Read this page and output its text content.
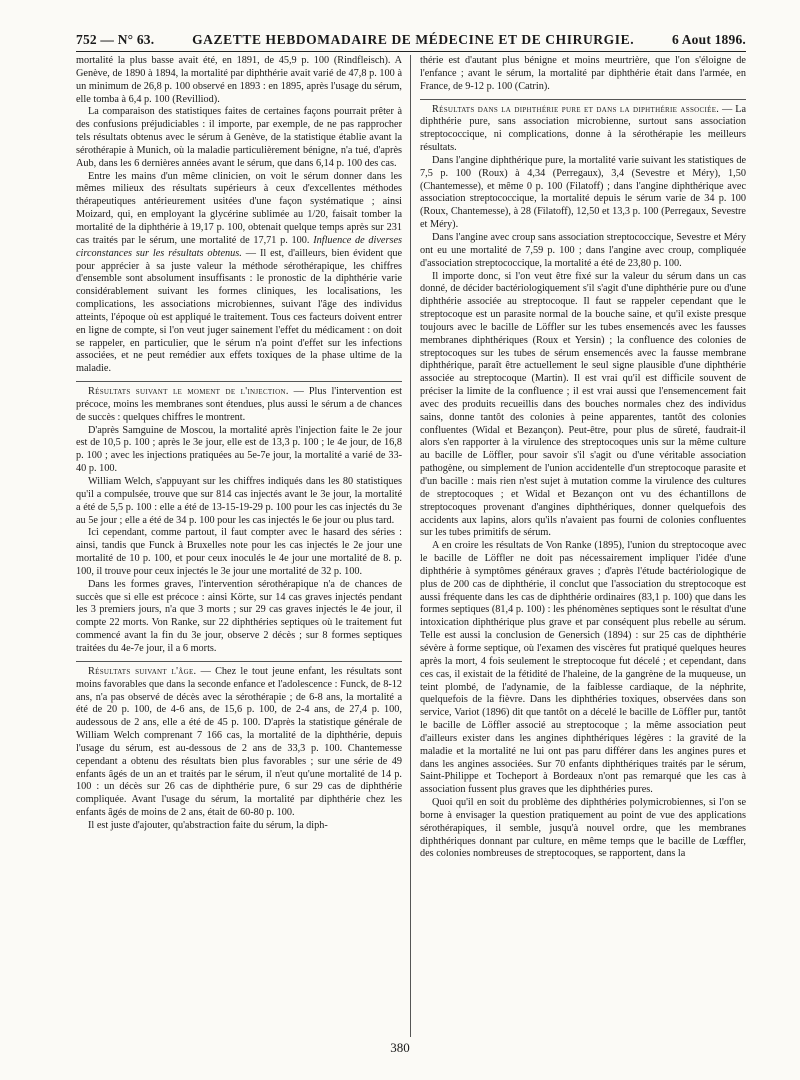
752 — N° 63.	GAZETTE HEBDOMADAIRE DE MÉDECINE ET DE CHIRURGIE.	6 Aout 1896.

mortalité la plus basse avait été, en 1891, de 45,9 p. 100 (Rindfleisch). A Genève, de 1890 à 1894, la mortalité par diphthérie avait varié de 47,8 p. 100 à un minimum de 26,8 p. 100 observé en 1893 : en 1895, après l'usage du sérum, elle tomba à 6,4 p. 100 (Revilliod).

La comparaison des statistiques faites de certaines façons pourrait prêter à des confusions préjudiciables : il importe, par exemple, de ne pas rapprocher tels résultats obtenus avec le sérum à Genève, de la statistique établie avant la sérothérapie à Munich, où la maladie particulièrement bénigne, n'a tué, d'après Aub, dans les 6 dernières années avant le sérum, que dans 6,14 p. 100 des cas.

Entre les mains d'un même clinicien, on voit le sérum donner dans les mêmes milieux des résultats supérieurs à ceux d'excellentes méthodes thérapeutiques antérieurement usitées d'une façon systématique ; ainsi Moizard, qui, en employant la glycérine sublimée au 1/20, faisait tomber la mortalité de la diphthérie à 19,17 p. 100, obtenait quelque temps après sur 231 cas traités par le sérum, une mortalité de 17,71 p. 100. Influence de diverses circonstances sur les résultats obtenus. — Il est, d'ailleurs, bien évident que pour apprécier à sa juste valeur la méthode sérothérapique, les chiffres d'ensemble sont absolument insuffisants : le pronostic de la diphthérie varie considérablement suivant les formes cliniques, les localisations, les complications, les associations microbiennes, suivant l'âge des individus atteints, l'époque où est appliqué le traitement. Tous ces facteurs doivent entrer en ligne de compte, si l'on veut juger sainement l'effet du médicament : on doit se rappeler, en particulier, que le sérum n'a point d'effet sur les infections associées, et ne peut remédier aux effets toxiques de la phase ultime de la maladie.

Résultats suivant le moment de l'injection. — Plus l'intervention est précoce, moins les membranes sont étendues, plus aussi le sérum a de chances de succès : quelques chiffres le montrent.

D'après Samguine de Moscou, la mortalité après l'injection faite le 2e jour est de 10,5 p. 100 ; après le 3e jour, elle est de 13,3 p. 100 ; le 4e jour, de 16,8 p. 100 ; avec les injections pratiquées au 5e-7e jour, la mortalité a varié de 33-40 p. 100.

William Welch, s'appuyant sur les chiffres indiqués dans les 80 statistiques qu'il a compulsée, trouve que sur 814 cas injectés avant le 3e jour, la mortalité a été de 5,5 p. 100 : elle a été de 13-15-19-29 p. 100 pour les cas injectés du 3e au 5e jour ; elle a été de 34 p. 100 pour les cas injectés le 6e jour ou plus tard.

Ici cependant, comme partout, il faut compter avec le hasard des séries : ainsi, tandis que Funck à Bruxelles note pour les cas injectés le 2e jour une mortalité de 10 p. 100, et pour ceux inoculés le 4e jour une mortalité de 8. p. 100, il trouve pour ceux injectés le 3e jour une mortalité de 32 p. 100.

Dans les formes graves, l'intervention sérothérapique n'a de chances de succès que si elle est précoce : ainsi Körte, sur 14 cas graves injectés pendant les 3 premiers jours, n'a que 3 morts ; sur 29 cas graves injectés le 4e jour, il compte 22 morts. Von Ranke, sur 22 diphthéries septiques où le traitement fut commencé avant la fin du 3e jour, observe 2 décès ; sur 8 formes septiques traitées du 4e-7e jour, il a 6 morts.

Résultats suivant l'âge. — Chez le tout jeune enfant, les résultats sont moins favorables que dans la seconde enfance et l'adolescence : Funck, de 8-12 ans, n'a pas observé de décès avec la sérothérapie ; de 6-8 ans, la mortalité a été de 20 p. 100, de 4-6 ans, de 15,6 p. 100, de 2-4 ans, de 27,4 p. 100, audessous de 2 ans, elle a été de 45 p. 100. D'après la statistique générale de William Welch comprenant 7 166 cas, la mortalité de la diphthérie, depuis l'usage du sérum, est au-dessous de 2 ans de 33,3 p. 100. Chantemesse cependant a obtenu des résultats bien plus favorables ; sur une série de 49 enfants âgés de un an et traités par le sérum, il n'eut qu'une mortalité de 14 p. 100 : un décès sur 26 cas de diphthérie pure, 6 sur 29 cas de diphthérie compliquée. Avant l'usage du sérum, la mortalité par diphthérie chez les enfants âgés de moins de 2 ans, était de 60-80 p. 100.

Il est juste d'ajouter, qu'abstraction faite du sérum, la diph-

thérie est d'autant plus bénigne et moins meurtrière, que l'on s'éloigne de l'enfance ; avant le sérum, la mortalité par diphthérie était dans l'armée, en France, de 9-12 p. 100 (Catrin).

Résultats dans la diphthérie pure et dans la diphthérie associée. — La diphthérie pure, sans association microbienne, surtout sans association streptococcique, ni complications, donne à la sérothérapie les meilleurs résultats.

Dans l'angine diphthérique pure, la mortalité varie suivant les statistiques de 7,5 p. 100 (Roux) à 4,34 (Perregaux), 3,4 (Sevestre et Méry), 1,50 (Chantemesse), et même 0 p. 100 (Filatoff) ; dans l'angine diphthérique avec association streptococcique, la mortalité depuis le sérum varie de 34 p. 100 (Roux, Chantemesse), à 28 (Filatoff), 12,50 et 13,3 p. 100 (Perregaux, Sevestre et Méry).

Dans l'angine avec croup sans association streptococcique, Sevestre et Méry ont eu une mortalité de 7,59 p. 100 ; dans l'angine avec croup, compliquée d'association streptococcique, la mortalité a été de 23,80 p. 100.

Il importe donc, si l'on veut être fixé sur la valeur du sérum dans un cas donné, de décider bactériologiquement s'il s'agit d'une diphthérie pure ou d'une diphthérie associée au streptocoque. Il faut se rappeler cependant que le streptocoque est un parasite normal de la bouche saine, et qu'il existe presque toujours avec le bacille de Löffler sur les tubes ensemencés avec les fausses membranes diphthériques (Roux et Yersin) ; la confluence des colonies de streptocoques sur les tubes de sérum ensemencés avec la fausse membrane diphthérique, paraît être actuellement le seul signe plausible d'une diphthérie associée au streptocoque (Martin). Il est vrai qu'il est difficile souvent de préciser la limite de la confluence ; il est vrai aussi que l'ensemencement fait avec des produits recueillis dans des bouches normales chez des individus sains, donne tantôt des colonies à peine apparentes, tantôt des colonies confluentes (Widal et Bezançon). Peut-être, pour plus de sûreté, faudrait-il alors s'en rapporter à la virulence des streptocoques unis sur la même culture au bacille de Löffler, pour savoir s'il s'agit ou d'une véritable association pathogène, ou simplement de l'union accidentelle d'un streptocoque parasite et d'un bacille : mais rien n'est sujet à mutation comme la virulence des cultures de streptocoques ; et Widal et Bezançon ont vu des échantillons de streptocoques provenant d'angines diphthériques, donner quelquefois des accidents aux lapins, alors qu'ils n'avaient pas fourni de colonies confluentes sur les tubes primitifs de sérum.

A en croire les résultats de Von Ranke (1895), l'union du streptocoque avec le bacille de Löffler ne doit pas nécessairement impliquer l'idée d'une diphthérie à symptômes généraux graves ; d'après l'étude bactériologique de plus de 200 cas de diphthérie, il conclut que l'association du streptocoque est aussi fréquente dans les cas de diphthérie ordinaires (83,1 p. 100) que dans les formes septiques (81,4 p. 100) : les phénomènes septiques sont le résultat d'une intoxication diphthérique plus grave et par conséquent plus rebelle au sérum. Telle est aussi la conclusion de Genersich (1894) : sur 25 cas de diphthérie sévère à forme septique, où l'examen des viscères fut pratiqué quelques heures après la mort, 4 fois seulement le streptocoque fut décelé ; et cependant, dans ces cas, il existait de la fétidité de l'haleine, de la gangrène de la muqueuse, un teint plombé, de l'adynamie, de la faiblesse cardiaque, de la néphrite, quelquefois de la fièvre. Dans les diphthéries toxiques, observées dans son service, Variot (1896) dit que tantôt on a décelé le bacille de Löffler pur, tantôt le bacille de Löffler associé au streptocoque ; la même association peut d'ailleurs exister dans les angines diphthériques légères : la gravité de la maladie et la mortalité ne lui ont pas paru différer dans les angines pures et dans les angines associées. Sur 70 enfants diphthériques traités par le sérum, Saint-Philippe et Tocheport à Bordeaux n'ont pas remarqué que les cas à association fussent plus graves que les diphthéries pures.

Quoi qu'il en soit du problème des diphthéries polymicrobiennes, si l'on se borne à envisager la question pratiquement au point de vue des applications sérothérapiques, il semble, jusqu'à nouvel ordre, que les membranes diphthériques donnant par culture, en même temps que le bacille de Lœffler, des colonies nombreuses de streptocoques, se rapportent, dans la

380
